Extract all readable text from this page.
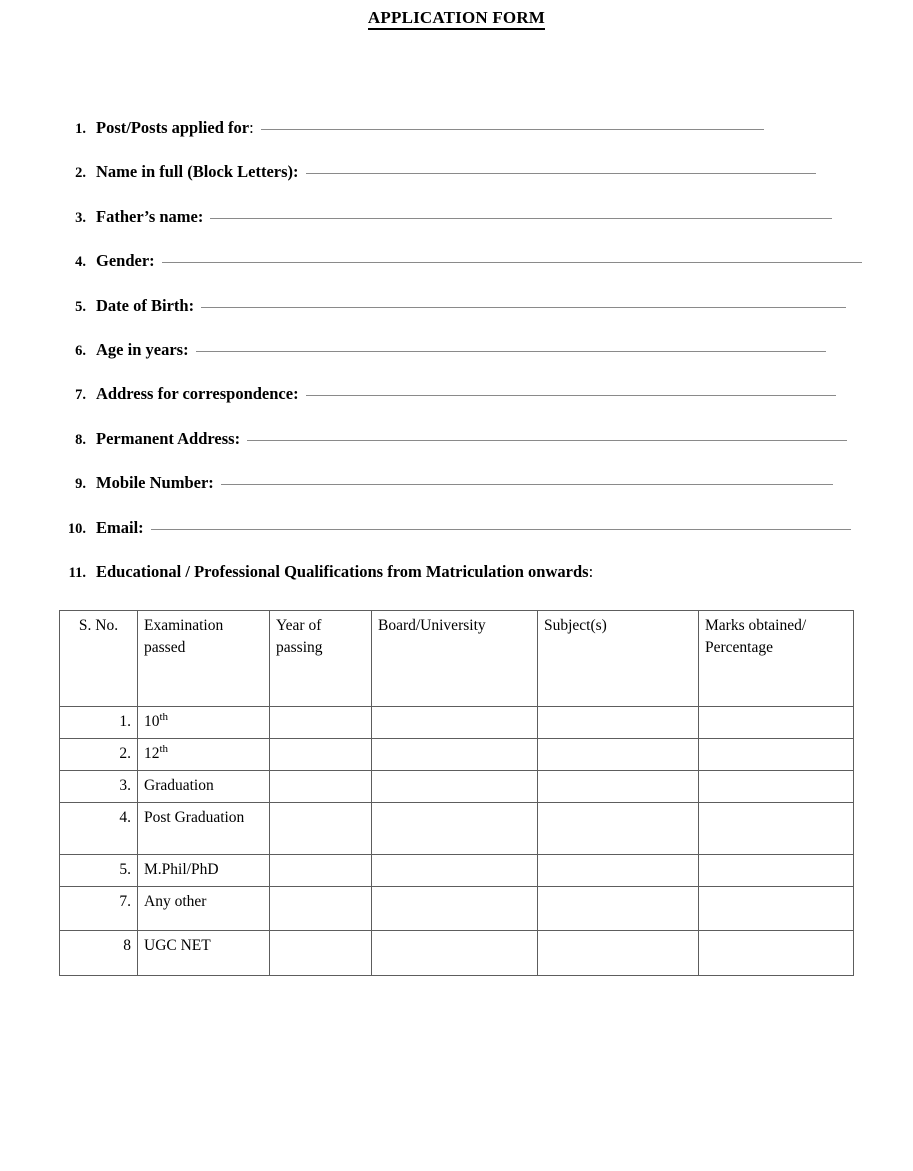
APPLICATION FORM
1. Post/Posts applied for :
2. Name in full (Block Letters):
3. Father’s name:
4. Gender:
5. Date of Birth:
6. Age in years:
7. Address for correspondence:
8. Permanent Address:
9. Mobile Number:
10. Email:
11. Educational / Professional Qualifications from Matriculation onwards:
S. No.	Examination passed	Year of passing	Board/University	Subject(s)	Marks obtained/ Percentage
1.	10th				
2.	12th				
3.	Graduation				
4.	Post Graduation				
5.	M.Phil/PhD				
7.	Any other				
8	UGC NET				
